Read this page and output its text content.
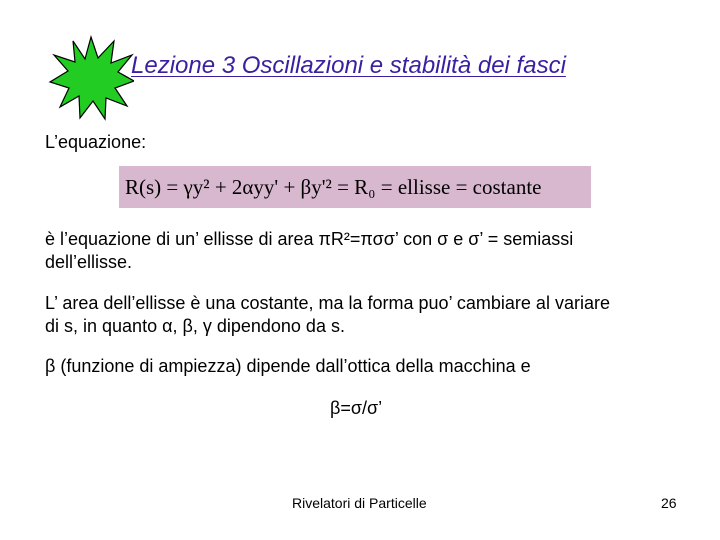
Lezione 3 Oscillazioni e stabilità dei fasci
L’equazione:
R(s) = γy² + 2αyy' + βy'² = R₀ = ellisse = costante
è l’equazione di un’ ellisse di area πR²=πσσ’ con σ e σ’ = semiassi
dell’ellisse.
L’ area dell’ellisse è una costante, ma la forma puo’ cambiare al variare
di s, in quanto α, β, γ dipendono da s.
β (funzione di ampiezza) dipende dall’ottica della macchina e
β=σ/σ’
Rivelatori di Particelle	26
